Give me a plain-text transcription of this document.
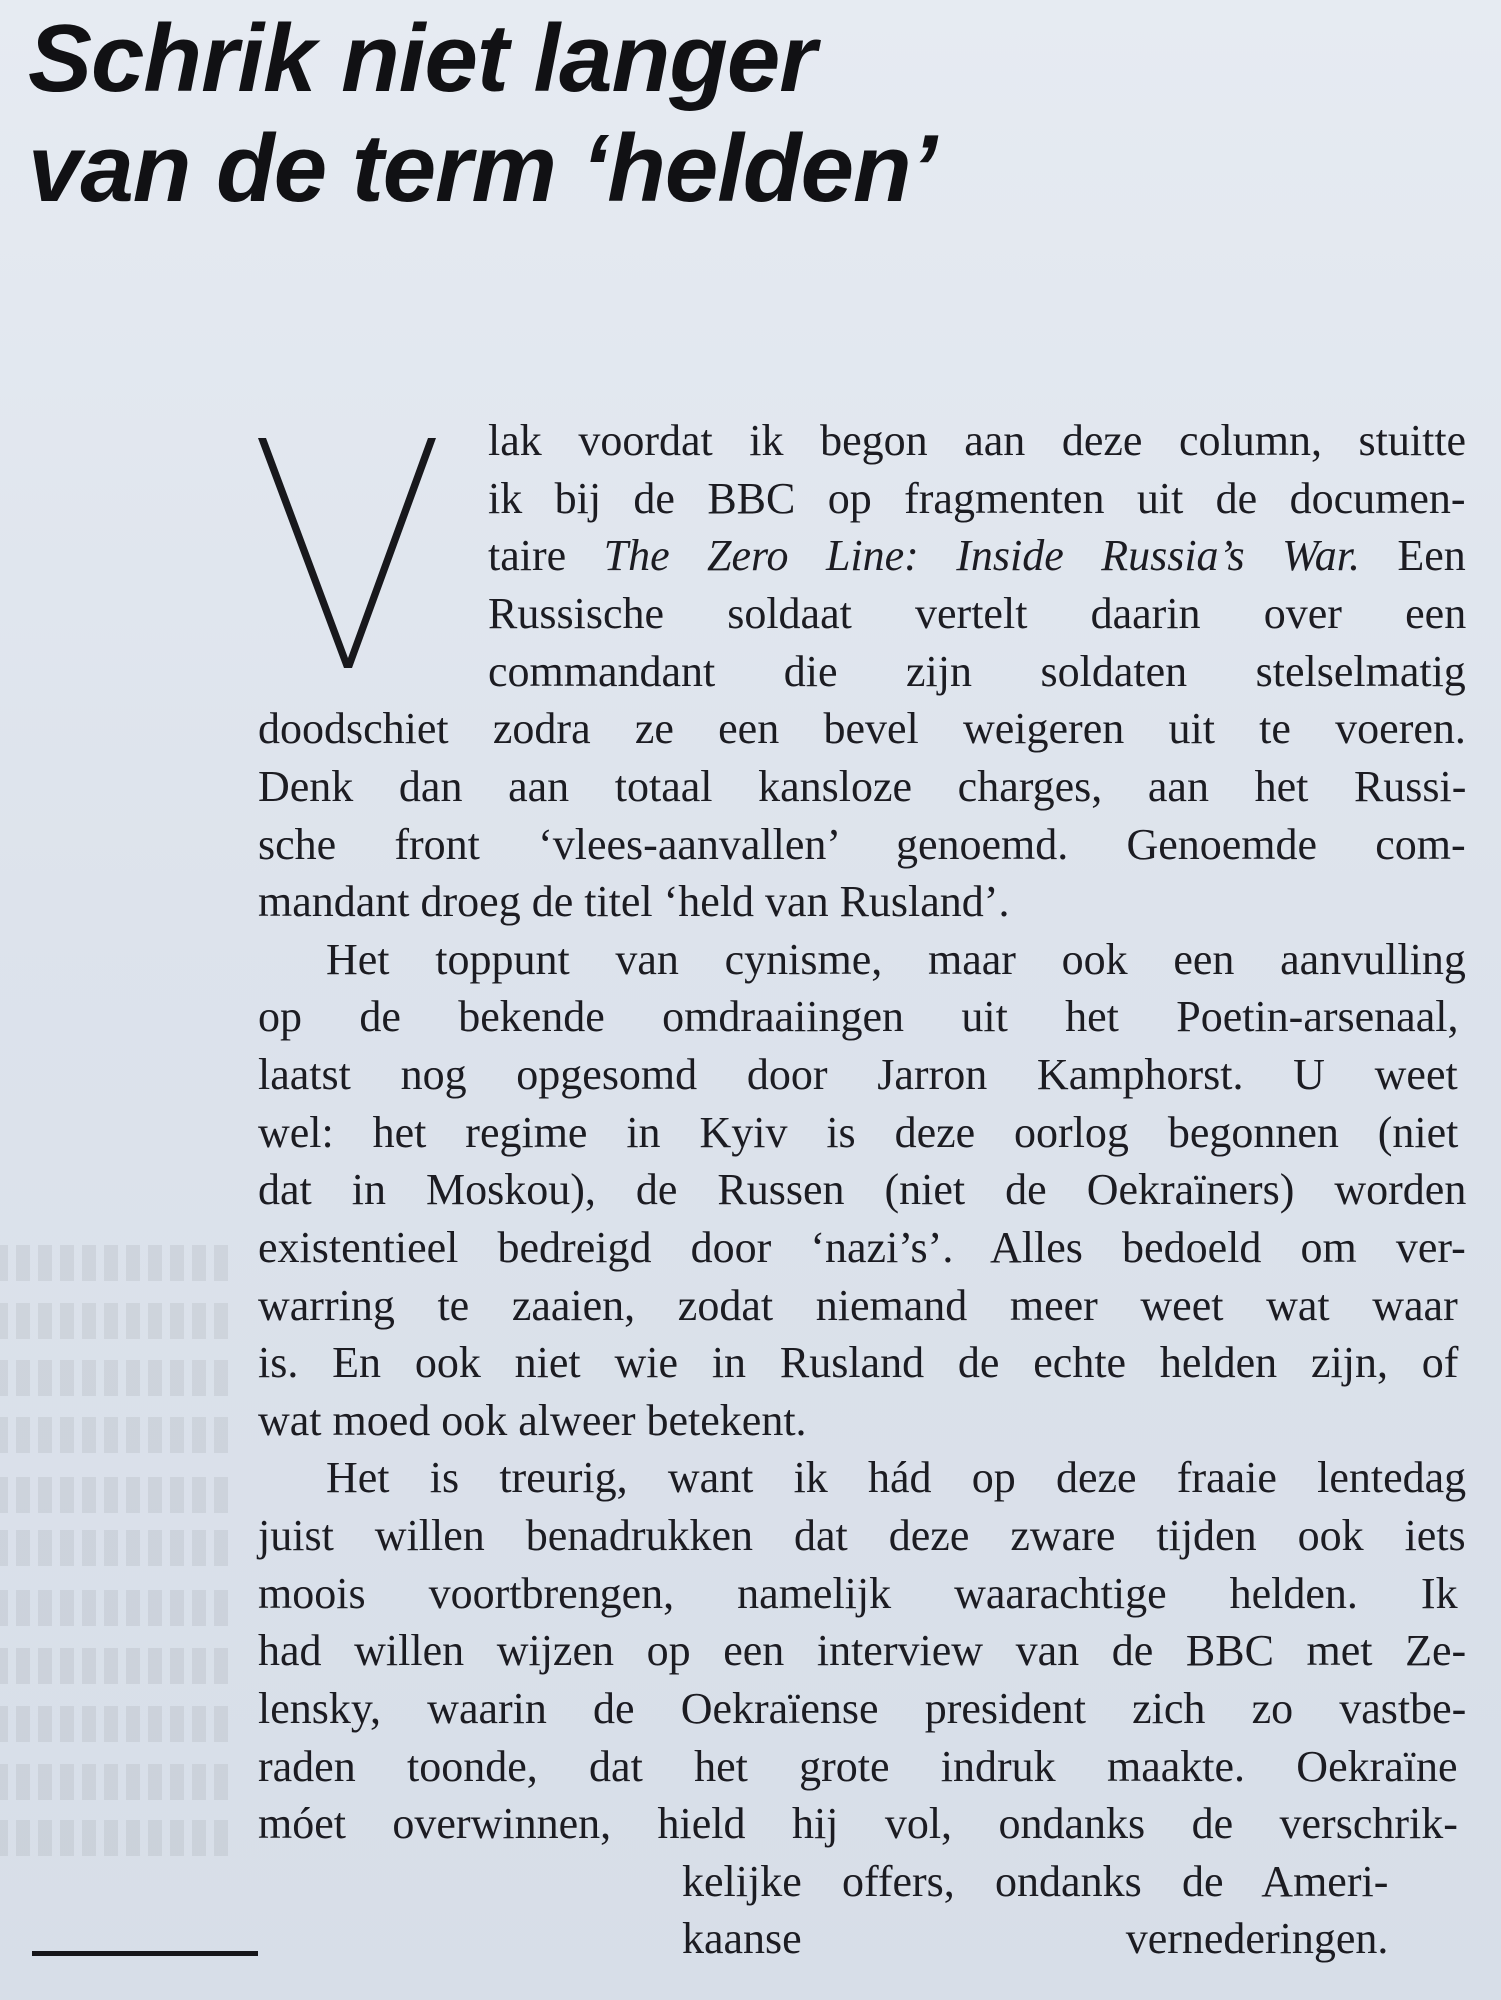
Schrik niet langer
van de term ‘helden’
lak voordat ik begon aan deze column, stuitte
ik bij de BBC op fragmenten uit de documen-
taire The Zero Line: Inside Russia’s War. Een
Russische soldaat vertelt daarin over een
commandant die zijn soldaten stelselmatig
doodschiet zodra ze een bevel weigeren uit te voeren.
Denk dan aan totaal kansloze charges, aan het Russi-
sche front ‘vlees-aanvallen’ genoemd. Genoemde com-
mandant droeg de titel ‘held van Rusland’.
Het toppunt van cynisme, maar ook een aanvulling
op de bekende omdraaiingen uit het Poetin-arsenaal,
laatst nog opgesomd door Jarron Kamphorst. U weet
wel: het regime in Kyiv is deze oorlog begonnen (niet
dat in Moskou), de Russen (niet de Oekraïners) worden
existentieel bedreigd door ‘nazi’s’. Alles bedoeld om ver-
warring te zaaien, zodat niemand meer weet wat waar
is. En ook niet wie in Rusland de echte helden zijn, of
wat moed ook alweer betekent.
Het is treurig, want ik hád op deze fraaie lentedag
juist willen benadrukken dat deze zware tijden ook iets
moois voortbrengen, namelijk waarachtige helden. Ik
had willen wijzen op een interview van de BBC met Ze-
lensky, waarin de Oekraïense president zich zo vastbe-
raden toonde, dat het grote indruk maakte. Oekraïne
móet overwinnen, hield hij vol, ondanks de verschrik-
kelijke offers, ondanks de Ameri-
kaanse vernederingen.
